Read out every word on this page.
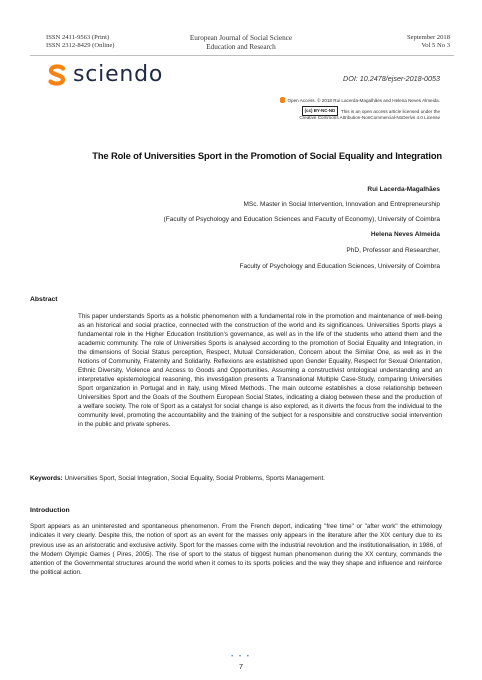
ISSN 2411-9563 (Print)
ISSN 2312-8429 (Online)
European Journal of Social Science
Education and Research
September 2018
Vol 5 No 3
sciendo	DOI: 10.2478/ejser-2018-0053
Open Access. © 2018 Rui Lacerda-Magalhães and Helena Neves Almeida.
(cc) BY-NC-ND	This is an open access article licensed under the
Creative Commons Attribution-NonCommercial-NoDerivs 4.0 License
The Role of Universities Sport in the Promotion of Social Equality and Integration
Rui Lacerda-Magalhães
MSc. Master in Social Intervention, Innovation and Entrepreneurship
(Faculty of Psychology and Education Sciences and Faculty of Economy), University of Coimbra
Helena Neves Almeida
PhD, Professor and Researcher,
Faculty of Psychology and Education Sciences, University of Coimbra
Abstract

This paper understands Sports as a holistic phenomenon with a fundamental role in the promotion and maintenance of well-being as an historical and social practice, connected with the construction of the world and its significances. Universities Sports plays a fundamental role in the Higher Education Institution's governance, as well as in the life of the students who attend them and the academic community. The role of Universities Sports is analysed according to the promotion of Social Equality and Integration, in the dimensions of Social Status perception, Respect, Mutual Consideration, Concern about the Similar One, as well as in the Notions of Community, Fraternity and Solidarity. Reflexions are established upon Gender Equality, Respect for Sexual Orientation, Ethnic Diversity, Violence and Access to Goods and Opportunities. Assuming a constructivist ontological understanding and an interpretative epistemological reasoning, this investigation presents a Transnational Multiple Case-Study, comparing Universities Sport organization in Portugal and in Italy, using Mixed Methods. The main outcome establishes a close relationship between Universities Sport and the Goals of the Southern European Social States, indicating a dialog between these and the production of a welfare society. The role of Sport as a catalyst for social change is also explored, as it diverts the focus from the individual to the community level, promoting the accountability and the training of the subject for a responsible and constructive social intervention in the public and private spheres.

Keywords: Universities Sport, Social Integration, Social Equality, Social Problems, Sports Management.
Introduction

Sport appears as an uninterested and spontaneous phenomenon. From the French deport, indicating "free time" or "after work" the ethimology indicates it very clearly. Despite this, the notion of sport as an event for the masses only appears in the literature after the XIX century due to its previous use as an aristocratic and exclusive activity. Sport for the masses come with the industrial revolution and the institutionalisation, in 1986, of the Modern Olympic Games ( Pires, 2005). The rise of sport to the status of biggest human phenomenon during the XX century, commands the attention of the Governmental structures around the world when it comes to its sports policies and the way they shape and influence and reinforce the political action.

• • •
7
